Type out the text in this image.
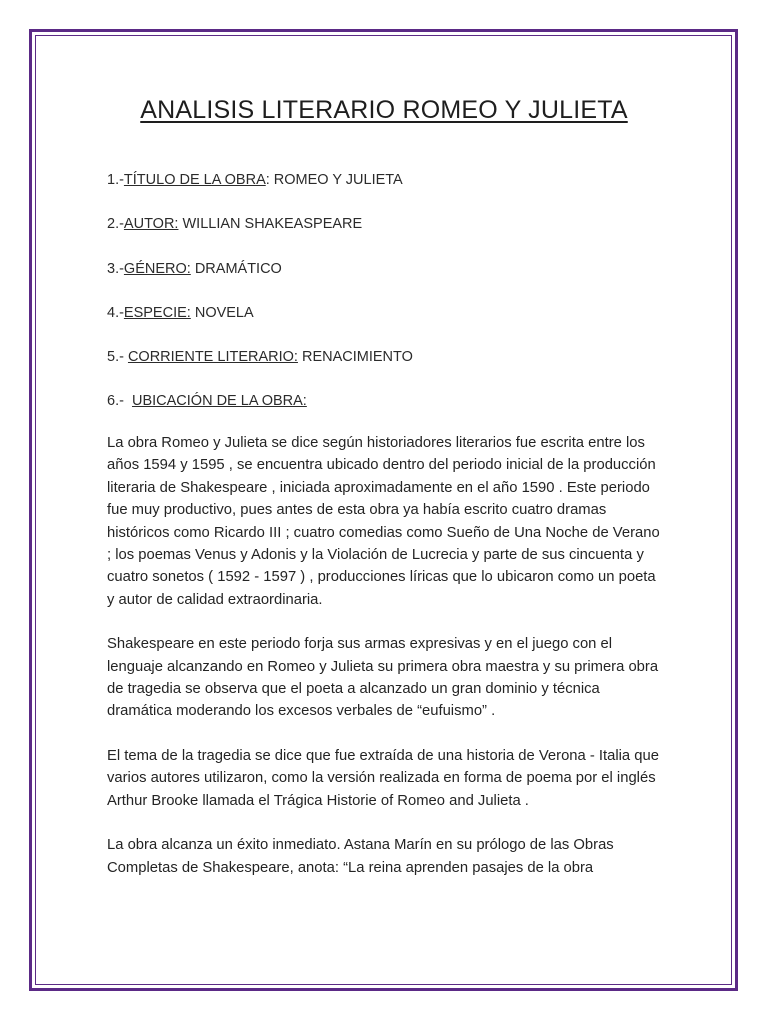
ANALISIS LITERARIO ROMEO Y JULIETA
1.-TÍTULO DE LA OBRA: ROMEO Y JULIETA
2.-AUTOR: WILLIAN SHAKEASPEARE
3.-GÉNERO: DRAMÁTICO
4.-ESPECIE: NOVELA
5.- CORRIENTE LITERARIO: RENACIMIENTO
6.-  UBICACIÓN DE LA OBRA:

La obra Romeo y Julieta se dice según historiadores literarios fue escrita entre los años 1594 y 1595 , se encuentra ubicado dentro del periodo inicial de la producción literaria de Shakespeare , iniciada aproximadamente en el año 1590 . Este periodo fue muy productivo, pues antes de esta obra ya había escrito cuatro dramas históricos como Ricardo III ; cuatro comedias como Sueño de Una Noche de Verano ; los poemas Venus y Adonis y la Violación de Lucrecia y parte de sus cincuenta y cuatro sonetos ( 1592 - 1597 ) , producciones líricas que lo ubicaron como un poeta y autor de calidad extraordinaria.

Shakespeare en este periodo forja sus armas expresivas y en el juego con el lenguaje alcanzando en Romeo y Julieta su primera obra maestra y su primera obra de tragedia se observa que el poeta a alcanzado un gran dominio y técnica dramática moderando los excesos verbales de “eufuismo” .

El tema de la tragedia se dice que fue extraída de una historia de Verona - Italia que varios autores utilizaron, como la versión realizada en forma de poema por el inglés Arthur Brooke llamada el Trágica Historie of Romeo and Julieta .

La obra alcanza un éxito inmediato. Astana Marín en su prólogo de las Obras Completas de Shakespeare, anota: “La reina aprenden pasajes de la obra
